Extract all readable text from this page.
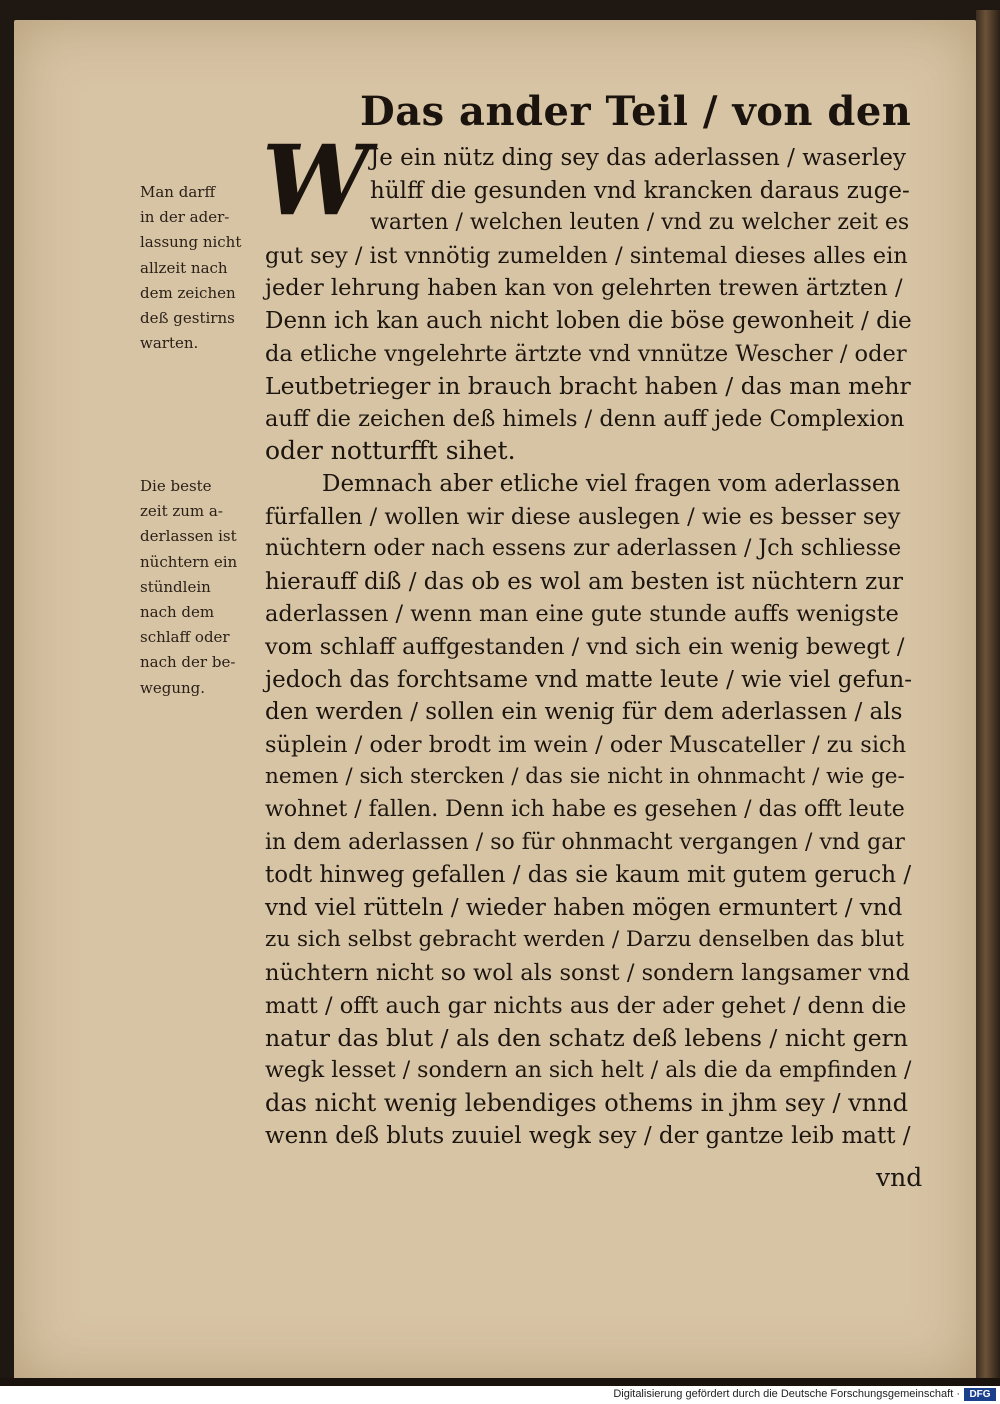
Das ander Teil / von den
W Je ein nütz ding sey das aderlassen / waserley
hülff die gesunden vnd krancken daraus zuge-
warten / welchen leuten / vnd zu welcher zeit es
gut sey / ist vnnötig zumelden / sintemal dieses alles ein
jeder lehrung haben kan von gelehrten trewen ärtzten /
Denn ich kan auch nicht loben die böse gewonheit / die
da etliche vngelehrte ärtzte vnd vnnütze Wescher / oder
Leutbetrieger in brauch bracht haben / das man mehr
auff die zeichen deß himels / denn auff jede Complexion
oder notturfft sihet.
Demnach aber etliche viel fragen vom aderlassen
fürfallen / wollen wir diese auslegen / wie es besser sey
nüchtern oder nach essens zur aderlassen / Jch schliesse
hierauff diß / das ob es wol am besten ist nüchtern zur
aderlassen / wenn man eine gute stunde auffs wenigste
vom schlaff auffgestanden / vnd sich ein wenig bewegt /
jedoch das forchtsame vnd matte leute / wie viel gefun-
den werden / sollen ein wenig für dem aderlassen / als
süplein / oder brodt im wein / oder Muscateller / zu sich
nemen / sich stercken / das sie nicht in ohnmacht / wie ge-
wohnet / fallen. Denn ich habe es gesehen / das offt leute
in dem aderlassen / so für ohnmacht vergangen / vnd gar
todt hinweg gefallen / das sie kaum mit gutem geruch /
vnd viel rütteln / wieder haben mögen ermuntert / vnd
zu sich selbst gebracht werden / Darzu denselben das blut
nüchtern nicht so wol als sonst / sondern langsamer vnd
matt / offt auch gar nichts aus der ader gehet / denn die
natur das blut / als den schatz deß lebens / nicht gern
wegk lesset / sondern an sich helt / als die da empfinden /
das nicht wenig lebendiges othems in jhm sey / vnnd
wenn deß bluts zuuiel wegk sey / der gantze leib matt /
Man darff
in der ader-
lassung nicht
allzeit nach
dem zeichen
deß gestirns
warten.
Die beste
zeit zum a-
derlassen ist
nüchtern ein
stündlein
nach dem
schlaff oder
nach der be-
wegung.
vnd
Digitalisierung gefördert durch die Deutsche Forschungsgemeinschaft · DFG
